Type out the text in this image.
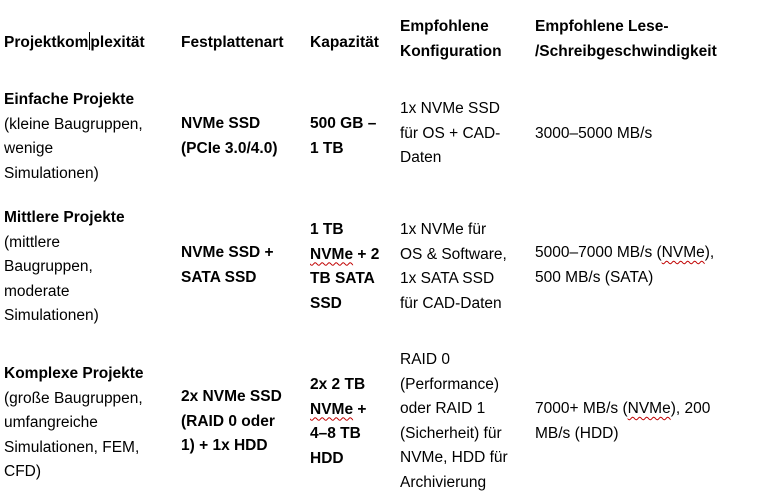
Projektkom plexität	Festplattenart	Kapazität
Empfohlene
Konfiguration
Empfohlene Lese-
/Schreibgeschwindigkeit
Einfache Projekte
(kleine Baugruppen,
wenige
Simulationen)
NVMe SSD
(PCIe 3.0/4.0)
500 GB –
1 TB
1x NVMe SSD
für OS + CAD-
Daten
3000–5000 MB/s
Mittlere Projekte
(mittlere
Baugruppen,
moderate
Simulationen)
NVMe SSD +
SATA SSD
1 TB
NVMe + 2
TB SATA
SSD
1x NVMe für
OS & Software,
1x SATA SSD
für CAD-Daten
5000–7000 MB/s (NVMe),
500 MB/s (SATA)
Komplexe Projekte
(große Baugruppen,
umfangreiche
Simulationen, FEM,
CFD)
2x NVMe SSD
(RAID 0 oder
1) + 1x HDD
2x 2 TB
NVMe +
4–8 TB
HDD
RAID 0
(Performance)
oder RAID 1
(Sicherheit) für
NVMe, HDD für
Archivierung
7000+ MB/s (NVMe), 200
MB/s (HDD)
